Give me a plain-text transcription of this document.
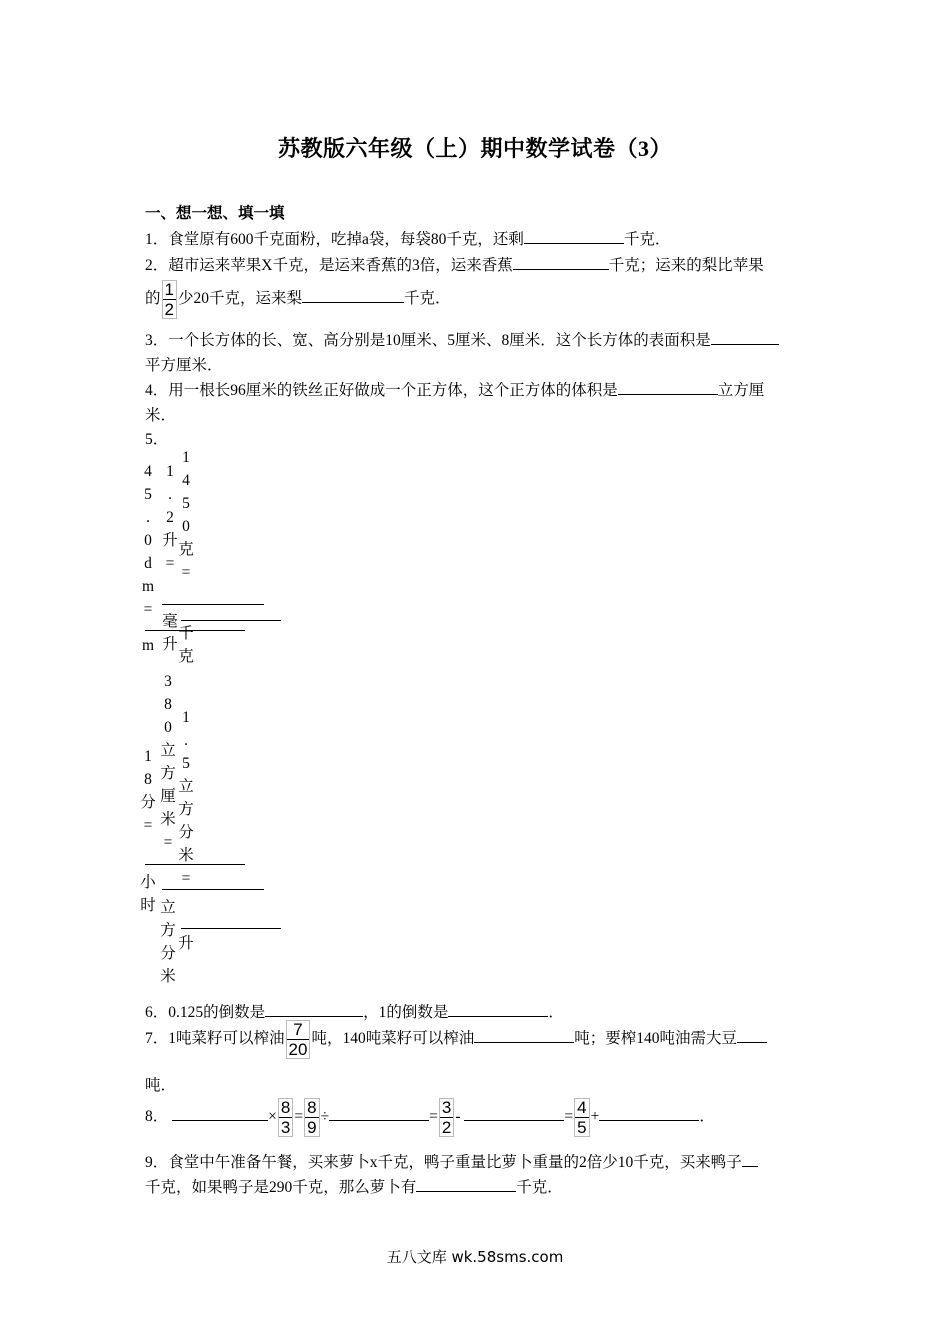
苏教版六年级（上）期中数学试卷（3）
一、想一想、填一填
1．食堂原有600千克面粉，吃掉a袋，每袋80千克，还剩	千克．
2．超市运来苹果X千克，是运来香蕉的3倍，运来香蕉	千克；运来的梨比苹果
的 $\frac{1}{2}$ 少20千克，运来梨	千克．
3．一个长方体的长、宽、高分别是10厘米、5厘米、8厘米．这个长方体的表面积是
平方厘米．
4．用一根长96厘米的铁丝正好做成一个正方体，这个正方体的体积是	立方厘
米．
5．
4
5
.
0
d
m
=
1
.
2
升
=
1
4
5
0
克
=
m
毫
升
千
克
3
8
0
立
方
厘
米
=
1
.
5
立
方
分
米
=
1
8
分
=
小
时 立
方
分
米
升
6．0.125的倒数是	，1的倒数是	．
7．1吨菜籽可以榨油 $\frac{7}{20}$ 吨，140吨菜籽可以榨油	吨；要榨140吨油需大豆
吨．
8．	× $\frac{8}{3} = \frac{8}{9}$ ÷	= $\frac{3}{2}$ -	= $\frac{4}{5}$ +	．
9．食堂中午准备午餐，买来萝卜x千克，鸭子重量比萝卜重量的2倍少10千克，买来鸭子
千克，如果鸭子是290千克，那么萝卜有	千克．
五八文库 wk.58sms.com
